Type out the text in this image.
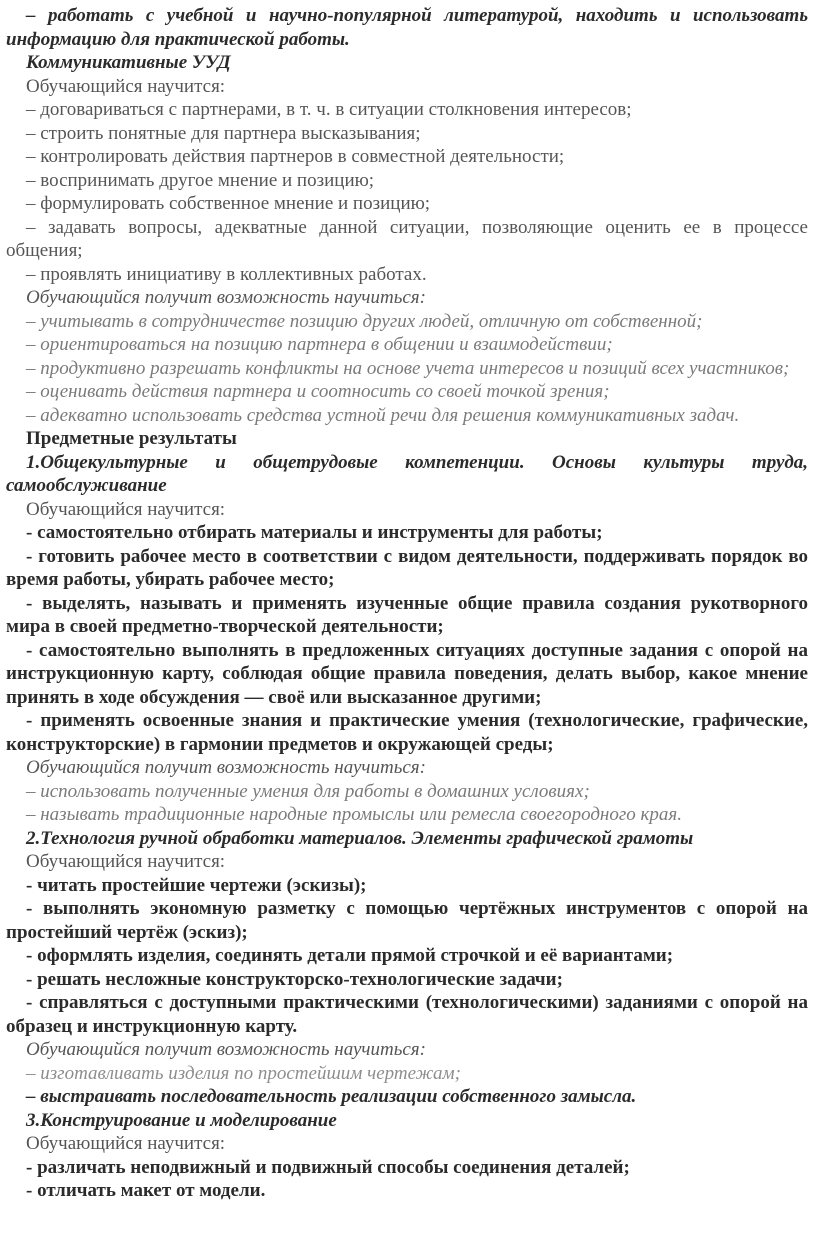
– работать с учебной и научно-популярной литературой, находить и использовать информацию для практической работы.

Коммуникативные УУД

Обучающийся научится:

– договариваться с партнерами, в т. ч. в ситуации столкновения интересов;

– строить понятные для партнера высказывания;

– контролировать действия партнеров в совместной деятельности;

– воспринимать другое мнение и позицию;

– формулировать собственное мнение и позицию;

– задавать вопросы, адекватные данной ситуации, позволяющие оценить ее в процессе общения;

– проявлять инициативу в коллективных работах.

Обучающийся получит возможность научиться:

– учитывать в сотрудничестве позицию других людей, отличную от собственной;

– ориентироваться на позицию партнера в общении и взаимодействии;

– продуктивно разрешать конфликты на основе учета интересов и позиций всех участников;

– оценивать действия партнера и соотносить со своей точкой зрения;

– адекватно использовать средства устной речи для решения коммуникативных задач.

Предметные результаты

1.Общекультурные и общетрудовые компетенции. Основы культуры труда, самообслуживание

Обучающийся научится:

- самостоятельно отбирать материалы и инструменты для работы;

- готовить рабочее место в соответствии с видом деятельности, поддерживать порядок во время работы, убирать рабочее место;

- выделять, называть и применять изученные общие правила создания рукотворного мира в своей предметно-творческой деятельности;

- самостоятельно выполнять в предложенных ситуациях доступные задания с опорой на инструкционную карту, соблюдая общие правила поведения, делать выбор, какое мнение принять в ходе обсуждения — своё или высказанное другими;

- применять освоенные знания и практические умения (технологические, графические, конструкторские) в гармонии предметов и окружающей среды;

Обучающийся получит возможность научиться:

– использовать полученные умения для работы в домашних условиях;

– называть традиционные народные промыслы или ремесла своегородного края.

2.Технология ручной обработки материалов. Элементы графической грамоты

Обучающийся научится:

- читать простейшие чертежи (эскизы);

- выполнять экономную разметку с помощью чертёжных инструментов с опорой на простейший чертёж (эскиз);

- оформлять изделия, соединять детали прямой строчкой и её вариантами;

- решать несложные конструкторско-технологические задачи;

- справляться с доступными практическими (технологическими) заданиями с опорой на образец и инструкционную карту.

Обучающийся получит возможность научиться:

– изготавливать изделия по простейшим чертежам;

– выстраивать последовательность реализации собственного замысла.

3.Конструирование и моделирование

Обучающийся научится:

- различать неподвижный и подвижный способы соединения деталей;

- отличать макет от модели.
